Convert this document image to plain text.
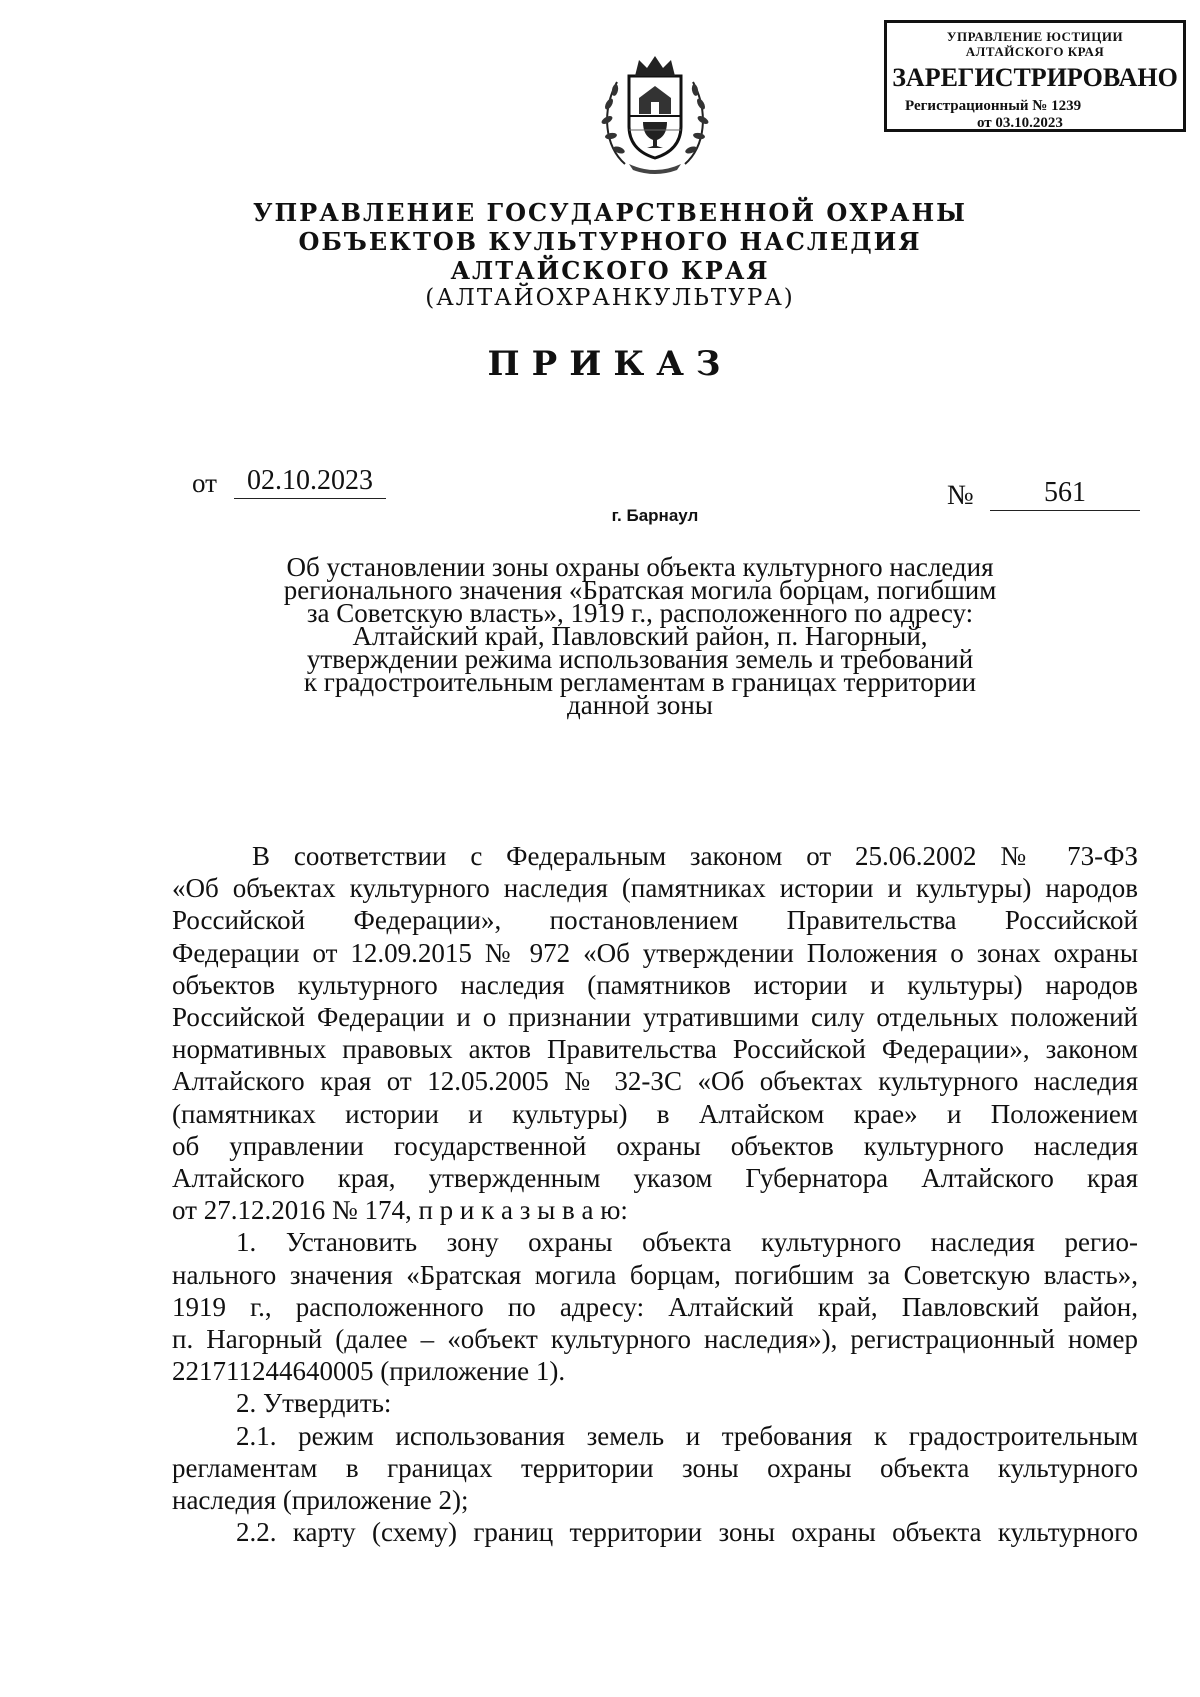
УПРАВЛЕНИЕ ЮСТИЦИИ
АЛТАЙСКОГО КРАЯ
ЗАРЕГИСТРИРОВАНО
Регистрационный № 1239
от 03.10.2023
УПРАВЛЕНИЕ ГОСУДАРСТВЕННОЙ ОХРАНЫ
ОБЪЕКТОВ КУЛЬТУРНОГО НАСЛЕДИЯ
АЛТАЙСКОГО КРАЯ
(АЛТАЙОХРАНКУЛЬТУРА)
ПРИКАЗ
от	02.10.2023	№	561
г. Барнаул
Об установлении зоны охраны объекта культурного наследия
регионального значения «Братская могила борцам, погибшим
за Советскую власть», 1919 г., расположенного по адресу:
Алтайский край, Павловский район, п. Нагорный,
утверждении режима использования земель и требований
к градостроительным регламентам в границах территории
данной зоны
В соответствии с Федеральным законом от 25.06.2002 № 73-ФЗ
«Об объектах культурного наследия (памятниках истории и культуры) народов
Российской Федерации», постановлением Правительства Российской
Федерации от 12.09.2015 № 972 «Об утверждении Положения о зонах охраны
объектов культурного наследия (памятников истории и культуры) народов
Российской Федерации и о признании утратившими силу отдельных положений
нормативных правовых актов Правительства Российской Федерации», законом
Алтайского края от 12.05.2005 № 32-ЗС «Об объектах культурного наследия
(памятниках истории и культуры) в Алтайском крае» и Положением
об управлении государственной охраны объектов культурного наследия
Алтайского края, утвержденным указом Губернатора Алтайского края
от 27.12.2016 № 174, п р и к а з ы в а ю:
1. Установить зону охраны объекта культурного наследия регио-
нального значения «Братская могила борцам, погибшим за Советскую власть»,
1919 г., расположенного по адресу: Алтайский край, Павловский район,
п. Нагорный (далее – «объект культурного наследия»), регистрационный номер
221711244640005 (приложение 1).
2. Утвердить:
2.1. режим использования земель и требования к градостроительным
регламентам в границах территории зоны охраны объекта культурного
наследия (приложение 2);
2.2. карту (схему) границ территории зоны охраны объекта культурного
